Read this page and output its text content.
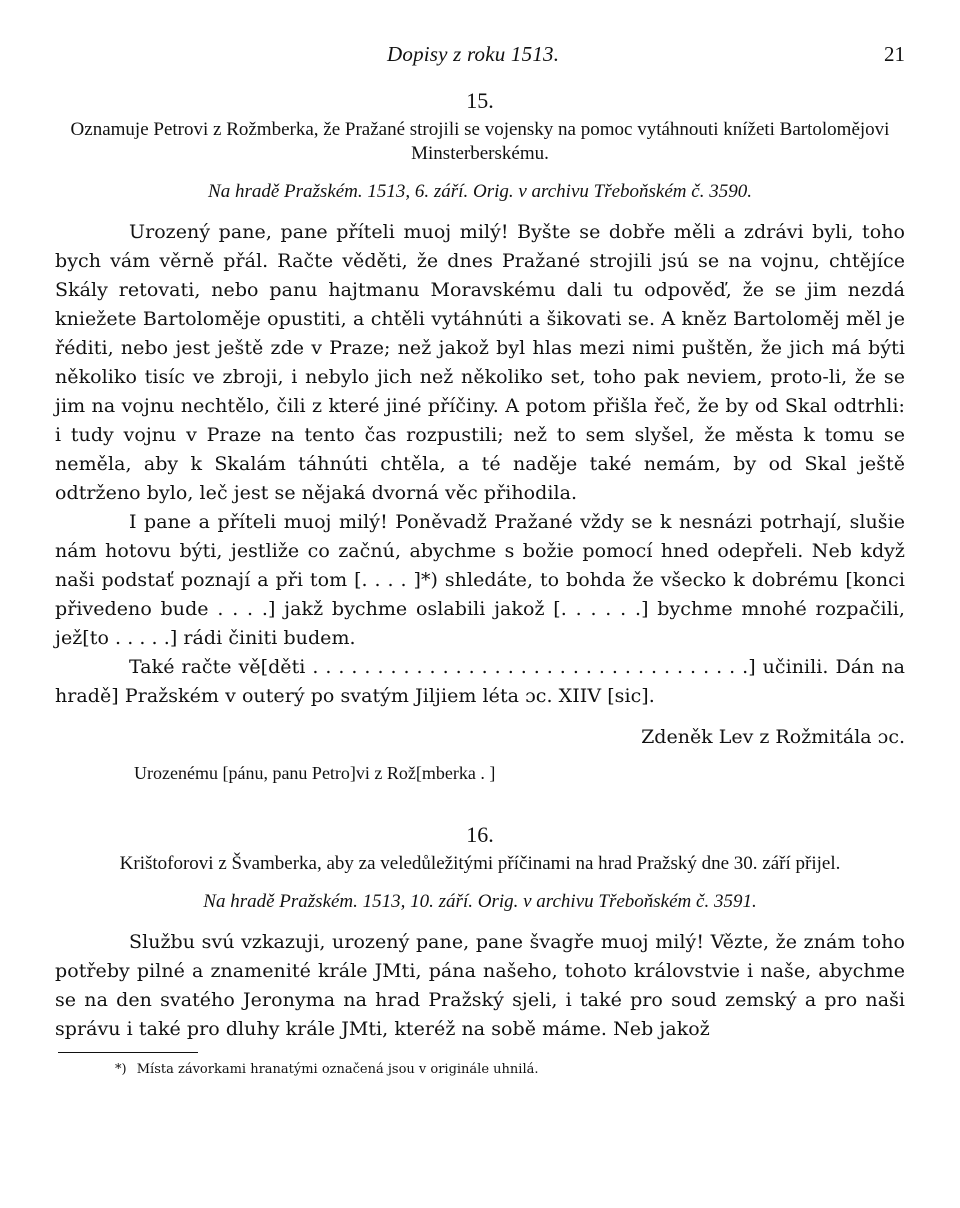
Dopisy z roku 1513.	21

15.

Oznamuje Petrovi z Rožmberka, že Pražané strojili se vojensky na pomoc vytáhnouti knížeti Bartoloměj​ovi Minsterberskému.

Na hradě Pražském. 1513, 6. září. Orig. v archivu Třeboňském č. 3590.

Urozený pane, pane příteli muoj milý! Byšte se dobře měli a zdrávi byli, toho bych vám věrně přál. Račte věděti, že dnes Pražané strojili jsú se na vojnu, chtějíce Skály retovati, nebo panu hajtmanu Moravskému dali tu odpověď, že se jim nezdá kniežete Bartoloměje opustiti, a chtěli vytáhnúti a šikovati se. A kněz Bartoloměj měl je řéditi, nebo jest ještě zde v Praze; než jakož byl hlas mezi nimi puštěn, že jich má býti několiko tisíc ve zbroji, i nebylo jich než několiko set, toho pak neviem, proto-li, že se jim na vojnu nechtělo, čili z které jiné příčiny. A potom přišla řeč, že by od Skal odtrhli: i tudy vojnu v Praze na tento čas rozpustili; než to sem slyšel, že města k tomu se neměla, aby k Skalám táhnúti chtěla, a té naděje také nemám, by od Skal ještě odtrženo bylo, leč jest se nějaká dvorná věc přihodila.

I pane a příteli muoj milý! Poněvadž Pražané vždy se k nesnázi potrhají, slušie nám hotovu býti, jestliže co začnú, abychme s božie pomocí hned odepřeli. Neb když naši podstať poznají a při tom [. . . . ]*) shledáte, to bohda že všecko k dobrému [konci přivedeno bude . . . .] jakž bychme oslabili jakož [. . . . . .] bychme mnohé rozpačili, jež[to . . . . .] rádi činiti budem.

Také račte vě[děti . . . . . . . . . . . . . . . . . . . . . . . . . . . . . . . . . .] učinili. Dán na hradě] Pražském v outerý po svatým Jiljiem léta ɔc. XIIV [sic].

Zdeněk Lev z Rožmitála ɔc.

Urozenému [pánu, panu Petro]vi z Rož[mberka . ]

16.

Krištoforovi z Švamberka, aby za veledůležitými příčinami na hrad Pražský dne 30. září přijel.

Na hradě Pražském. 1513, 10. září. Orig. v archivu Třeboňském č. 3591.

Službu svú vzkazuji, urozený pane, pane švagře muoj milý! Vězte, že znám toho potřeby pilné a znamenité krále JMti, pána našeho, tohoto královstvie i naše, abychme se na den svatého Jeronyma na hrad Pražský sjeli, i také pro soud zemský a pro naši správu i také pro dluhy krále JMti, kteréž na sobě máme. Neb jakož

*) Místa závorkami hranatými označená jsou v originále uhnilá.
